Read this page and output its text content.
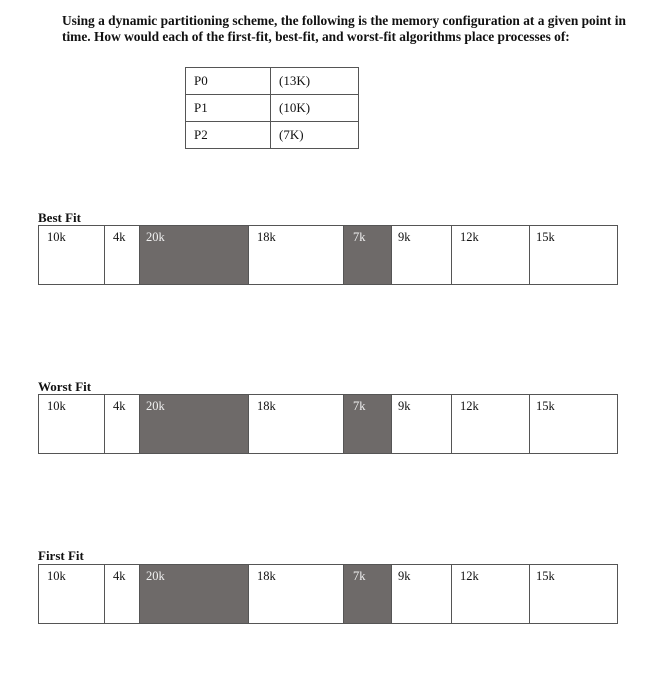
Using a dynamic partitioning scheme, the following is the memory configuration at a given point in time. How would each of the first-fit, best-fit, and worst-fit algorithms place processes of:
P0	(13K)
P1	(10K)
P2	(7K)
Best Fit
10k	4k 20k	18k	7k	9k	12k	15k
Worst Fit
10k	4k 20k	18k	7k	9k	12k	15k
First Fit
10k	4k 20k	18k	7k	9k	12k	15k
